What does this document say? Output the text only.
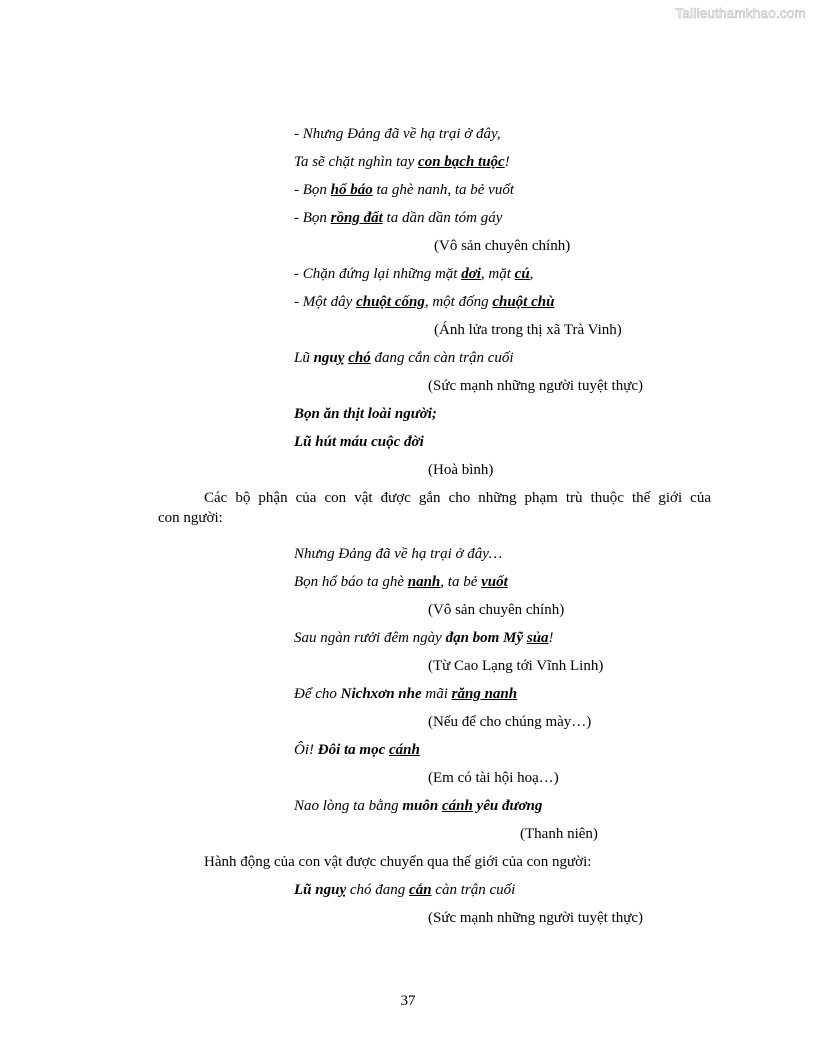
Tailieuthamkhao.com
- Nhưng Đảng đã về hạ trại ở đây,
Ta sẽ chặt nghìn tay con bạch tuộc!
- Bọn hổ báo ta ghè nanh, ta bẻ vuốt
- Bọn rồng đất ta dần dần tóm gáy
(Vô sản chuyên chính)
- Chặn đứng lại những mặt dơi, mặt cú,
- Một dây chuột cống, một đống chuột chù
(Ánh lửa trong thị xã Trà Vinh)
Lũ nguỵ chó đang cắn càn trận cuối
(Sức mạnh những người tuyệt thực)
Bọn ăn thịt loài người;
Lũ hút máu cuộc đời
(Hoà bình)
Nhưng Đảng đã về hạ trại ở đây…
Bọn hổ báo ta ghè nanh, ta bẻ vuốt
(Vô sản chuyên chính)
Sau ngàn rưởi đêm ngày đạn bom Mỹ sủa!
(Từ Cao Lạng tới Vĩnh Linh)
Để cho Nichxơn nhe mãi răng nanh
(Nếu để cho chúng mày…)
Ôi! Đôi ta mọc cánh
(Em có tài hội hoạ…)
Nao lòng ta bằng muôn cánh yêu đương
(Thanh niên)
Hành động của con vật được chuyển qua thế giới của con người:
Lũ nguỵ chó đang cắn càn trận cuối
(Sức mạnh những người tuyệt thực)
Các bộ phận của con vật được gắn cho những phạm trù thuộc thế giới của
con người:
37
